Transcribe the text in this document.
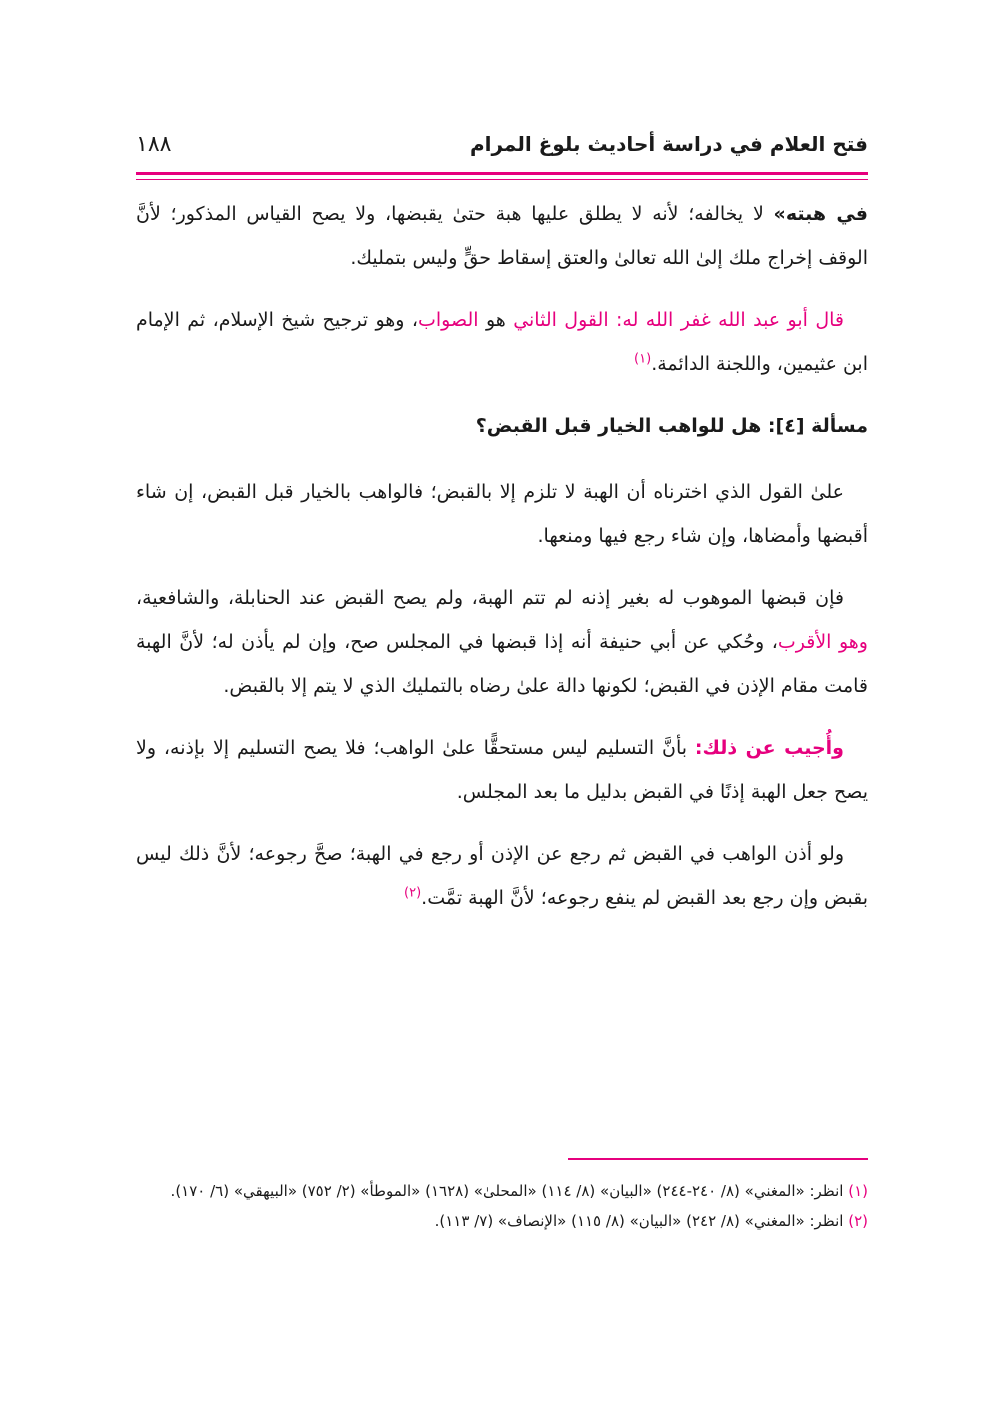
فتح العلام في دراسة أحاديث بلوغ المرام
١٨٨

في هبته» لا يخالفه؛ لأنه لا يطلق عليها هبة حتىٰ يقبضها، ولا يصح القياس المذكور؛ لأنَّ الوقف إخراج ملك إلىٰ الله تعالىٰ والعتق إسقاط حقٍّ وليس بتمليك.

قال أبو عبد الله غفر الله له: القول الثاني هو الصواب، وهو ترجيح شيخ الإسلام، ثم الإمام ابن عثيمين، واللجنة الدائمة.$^{(١)}$

مسألة [٤]: هل للواهب الخيار قبل القبض؟

علىٰ القول الذي اخترناه أن الهبة لا تلزم إلا بالقبض؛ فالواهب بالخيار قبل القبض، إن شاء أقبضها وأمضاها، وإن شاء رجع فيها ومنعها.

فإن قبضها الموهوب له بغير إذنه لم تتم الهبة، ولم يصح القبض عند الحنابلة، والشافعية، وهو الأقرب، وحُكي عن أبي حنيفة أنه إذا قبضها في المجلس صح، وإن لم يأذن له؛ لأنَّ الهبة قامت مقام الإذن في القبض؛ لكونها دالة علىٰ رضاه بالتمليك الذي لا يتم إلا بالقبض.

وأُجيب عن ذلك: بأنَّ التسليم ليس مستحقًّا علىٰ الواهب؛ فلا يصح التسليم إلا بإذنه، ولا يصح جعل الهبة إذنًا في القبض بدليل ما بعد المجلس.

ولو أذن الواهب في القبض ثم رجع عن الإذن أو رجع في الهبة؛ صحَّ رجوعه؛ لأنَّ ذلك ليس بقبض وإن رجع بعد القبض لم ينفع رجوعه؛ لأنَّ الهبة تمَّت.$^{(٢)}$

(١) انظر: «المغني» (٨/ ٢٤٠-٢٤٤) «البيان» (٨/ ١١٤) «المحلىٰ» (١٦٢٨) «الموطأ» (٢/ ٧٥٢) «البيهقي» (٦/ ١٧٠).
(٢) انظر: «المغني» (٨/ ٢٤٢) «البيان» (٨/ ١١٥) «الإنصاف» (٧/ ١١٣).
